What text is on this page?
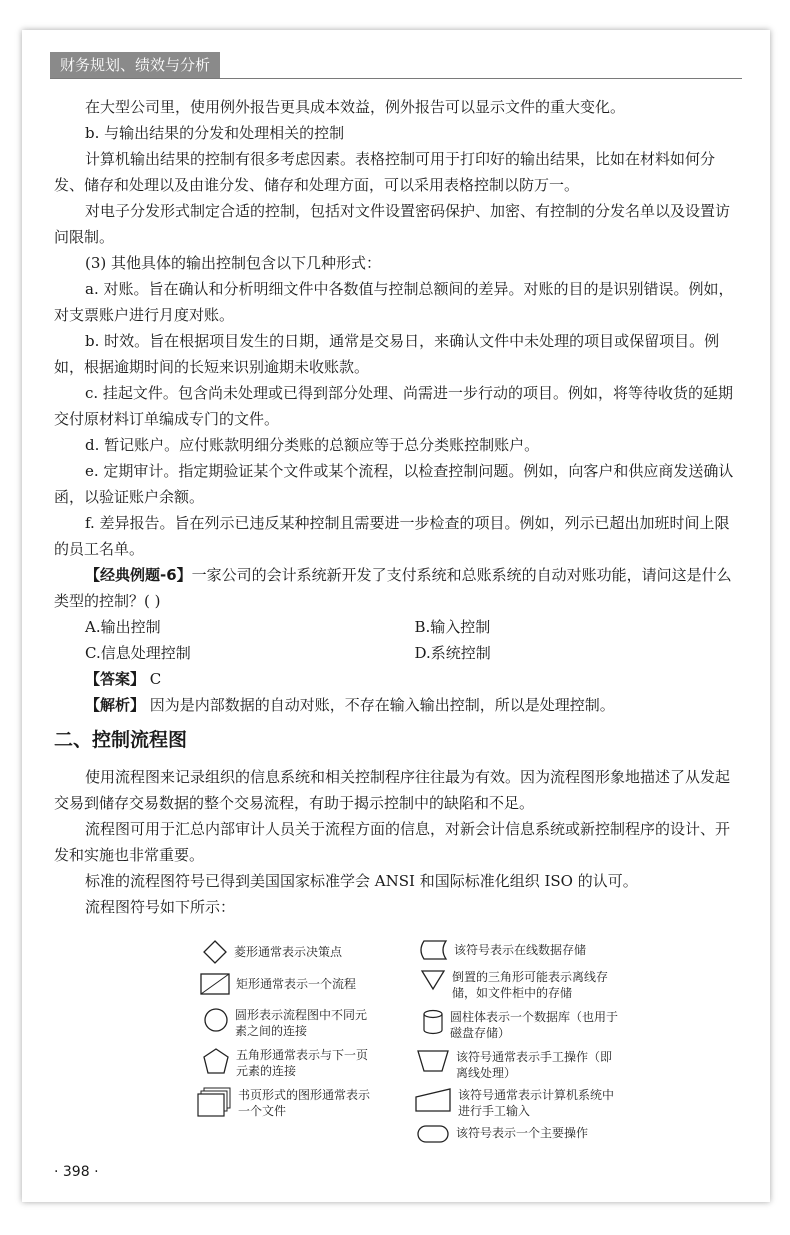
财务规划、绩效与分析

在大型公司里，使用例外报告更具成本效益，例外报告可以显示文件的重大变化。

b. 与输出结果的分发和处理相关的控制

计算机输出结果的控制有很多考虑因素。表格控制可用于打印好的输出结果，比如在材料如何分发、储存和处理以及由谁分发、储存和处理方面，可以采用表格控制以防万一。

对电子分发形式制定合适的控制，包括对文件设置密码保护、加密、有控制的分发名单以及设置访问限制。

(3) 其他具体的输出控制包含以下几种形式：

a. 对账。旨在确认和分析明细文件中各数值与控制总额间的差异。对账的目的是识别错误。例如，对支票账户进行月度对账。

b. 时效。旨在根据项目发生的日期，通常是交易日，来确认文件中未处理的项目或保留项目。例如，根据逾期时间的长短来识别逾期未收账款。

c. 挂起文件。包含尚未处理或已得到部分处理、尚需进一步行动的项目。例如，将等待收货的延期交付原材料订单编成专门的文件。

d. 暂记账户。应付账款明细分类账的总额应等于总分类账控制账户。

e. 定期审计。指定期验证某个文件或某个流程，以检查控制问题。例如，向客户和供应商发送确认函，以验证账户余额。

f. 差异报告。旨在列示已违反某种控制且需要进一步检查的项目。例如，列示已超出加班时间上限的员工名单。

【经典例题-6】一家公司的会计系统新开发了支付系统和总账系统的自动对账功能，请问这是什么类型的控制？( )

A.输出控制	B.输入控制
C.信息处理控制	D.系统控制

【答案】 C

【解析】 因为是内部数据的自动对账，不存在输入输出控制，所以是处理控制。

二、控制流程图

使用流程图来记录组织的信息系统和相关控制程序往往最为有效。因为流程图形象地描述了从发起交易到储存交易数据的整个交易流程，有助于揭示控制中的缺陷和不足。

流程图可用于汇总内部审计人员关于流程方面的信息，对新会计信息系统或新控制程序的设计、开发和实施也非常重要。

标准的流程图符号已得到美国国家标准学会 ANSI 和国际标准化组织 ISO 的认可。

流程图符号如下所示：

菱形通常表示决策点
矩形通常表示一个流程
圆形表示流程图中不同元素之间的连接
五角形通常表示与下一页元素的连接
书页形式的图形通常表示一个文件
该符号表示在线数据存储
倒置的三角形可能表示离线存储，如文件柜中的存储
圆柱体表示一个数据库（也用于磁盘存储）
该符号通常表示手工操作（即离线处理）
该符号通常表示计算机系统中进行手工输入
该符号表示一个主要操作
· 398 ·
